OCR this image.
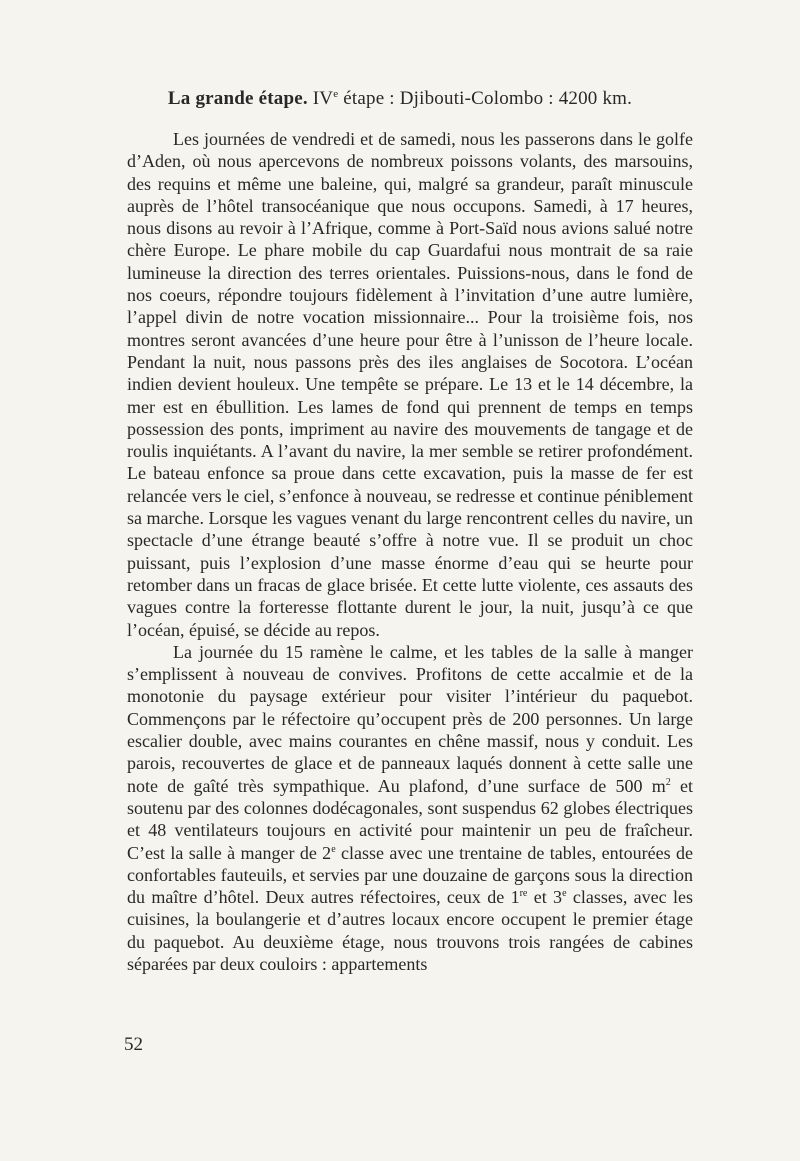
La grande étape. IVe étape : Djibouti-Colombo : 4200 km.

Les journées de vendredi et de samedi, nous les passerons dans le golfe d’Aden, où nous apercevons de nombreux poissons volants, des marsouins, des requins et même une baleine, qui, malgré sa grandeur, paraît minuscule auprès de l’hôtel transocéanique que nous occupons. Samedi, à 17 heures, nous disons au revoir à l’Afrique, comme à Port-Saïd nous avions salué notre chère Europe. Le phare mobile du cap Guardafui nous montrait de sa raie lumineuse la direction des terres orientales. Puissions-nous, dans le fond de nos coeurs, répondre toujours fidèlement à l’invitation d’une autre lumière, l’appel divin de notre vocation missionnaire... Pour la troisième fois, nos montres seront avancées d’une heure pour être à l’unisson de l’heure locale. Pendant la nuit, nous passons près des iles anglaises de Socotora. L’océan indien devient houleux. Une tempête se prépare. Le 13 et le 14 décembre, la mer est en ébullition. Les lames de fond qui prennent de temps en temps possession des ponts, impriment au navire des mouvements de tangage et de roulis inquiétants. A l’avant du navire, la mer semble se retirer profondément. Le bateau enfonce sa proue dans cette excavation, puis la masse de fer est relancée vers le ciel, s’enfonce à nouveau, se redresse et continue péniblement sa marche. Lorsque les vagues venant du large rencontrent celles du navire, un spectacle d’une étrange beauté s’offre à notre vue. Il se produit un choc puissant, puis l’explosion d’une masse énorme d’eau qui se heurte pour retomber dans un fracas de glace brisée. Et cette lutte violente, ces assauts des vagues contre la forteresse flottante durent le jour, la nuit, jusqu’à ce que l’océan, épuisé, se décide au repos.

La journée du 15 ramène le calme, et les tables de la salle à manger s’emplissent à nouveau de convives. Profitons de cette accalmie et de la monotonie du paysage extérieur pour visiter l’intérieur du paquebot. Commençons par le réfectoire qu’occupent près de 200 personnes. Un large escalier double, avec mains courantes en chêne massif, nous y conduit. Les parois, recouvertes de glace et de panneaux laqués donnent à cette salle une note de gaîté très sympathique. Au plafond, d’une surface de 500 $m^2$ et soutenu par des colonnes dodécagonales, sont suspendus 62 globes électriques et 48 ventilateurs toujours en activité pour maintenir un peu de fraîcheur. C’est la salle à manger de 2e classe avec une trentaine de tables, entourées de confortables fauteuils, et servies par une douzaine de garçons sous la direction du maître d’hôtel. Deux autres réfectoires, ceux de 1re et 3e classes, avec les cuisines, la boulangerie et d’autres locaux encore occupent le premier étage du paquebot. Au deuxième étage, nous trouvons trois rangées de cabines séparées par deux couloirs : appartements

52
